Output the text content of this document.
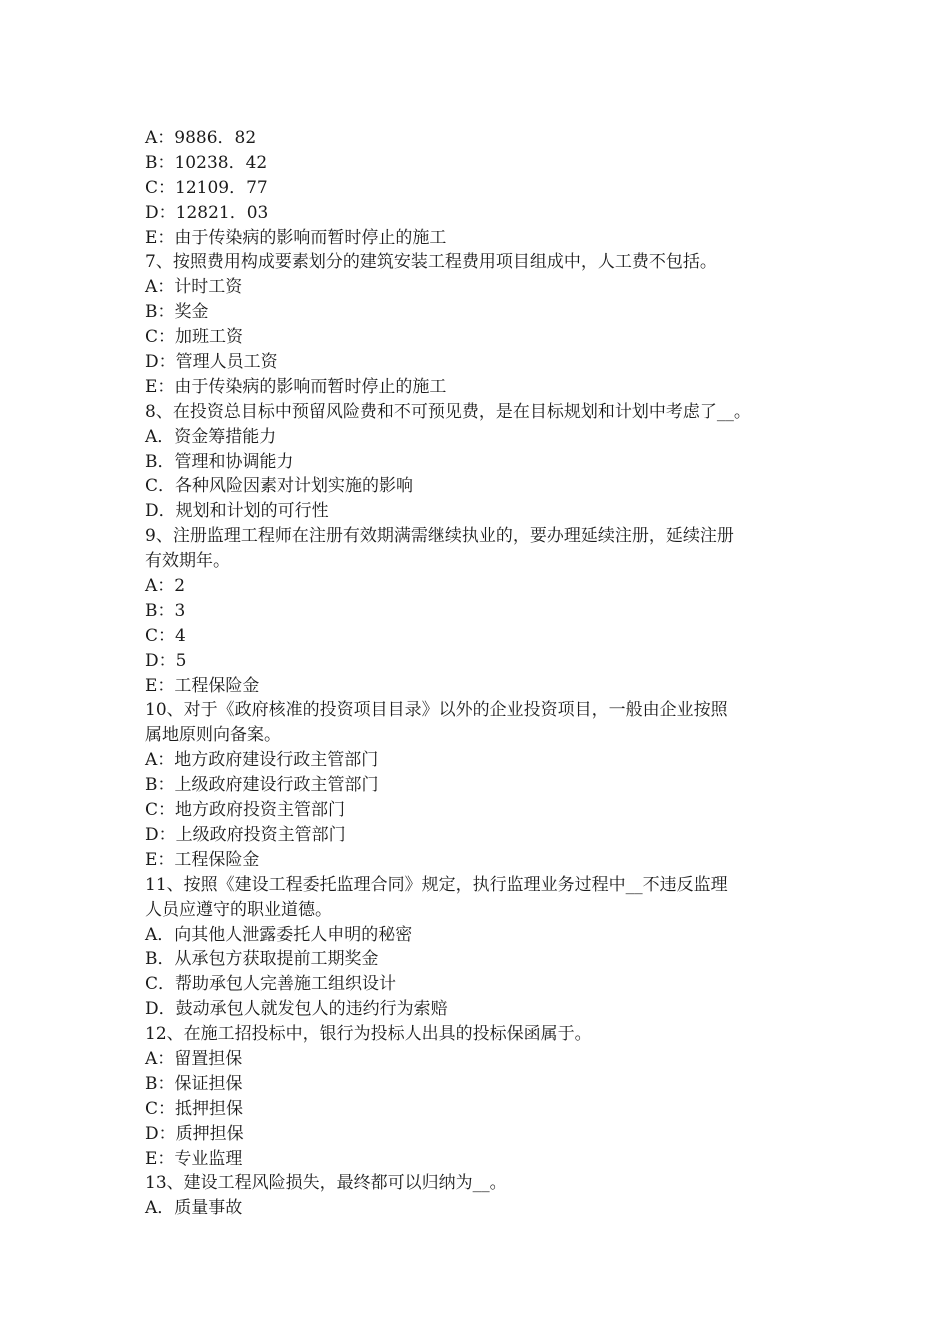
A：9886．82
B：10238．42
C：12109．77
D：12821．03
E：由于传染病的影响而暂时停止的施工
7、按照费用构成要素划分的建筑安装工程费用项目组成中，人工费不包括。
A：计时工资
B：奖金
C：加班工资
D：管理人员工资
E：由于传染病的影响而暂时停止的施工
8、在投资总目标中预留风险费和不可预见费，是在目标规划和计划中考虑了__。
A．资金筹措能力
B．管理和协调能力
C．各种风险因素对计划实施的影响
D．规划和计划的可行性
9、注册监理工程师在注册有效期满需继续执业的，要办理延续注册，延续注册
有效期年。
A：2
B：3
C：4
D：5
E：工程保险金
10、对于《政府核准的投资项目目录》以外的企业投资项目，一般由企业按照
属地原则向备案。
A：地方政府建设行政主管部门
B：上级政府建设行政主管部门
C：地方政府投资主管部门
D：上级政府投资主管部门
E：工程保险金
11、按照《建设工程委托监理合同》规定，执行监理业务过程中__不违反监理
人员应遵守的职业道德。
A．向其他人泄露委托人申明的秘密
B．从承包方获取提前工期奖金
C．帮助承包人完善施工组织设计
D．鼓动承包人就发包人的违约行为索赔
12、在施工招投标中，银行为投标人出具的投标保函属于。
A：留置担保
B：保证担保
C：抵押担保
D：质押担保
E：专业监理
13、建设工程风险损失，最终都可以归纳为__。
A．质量事故
